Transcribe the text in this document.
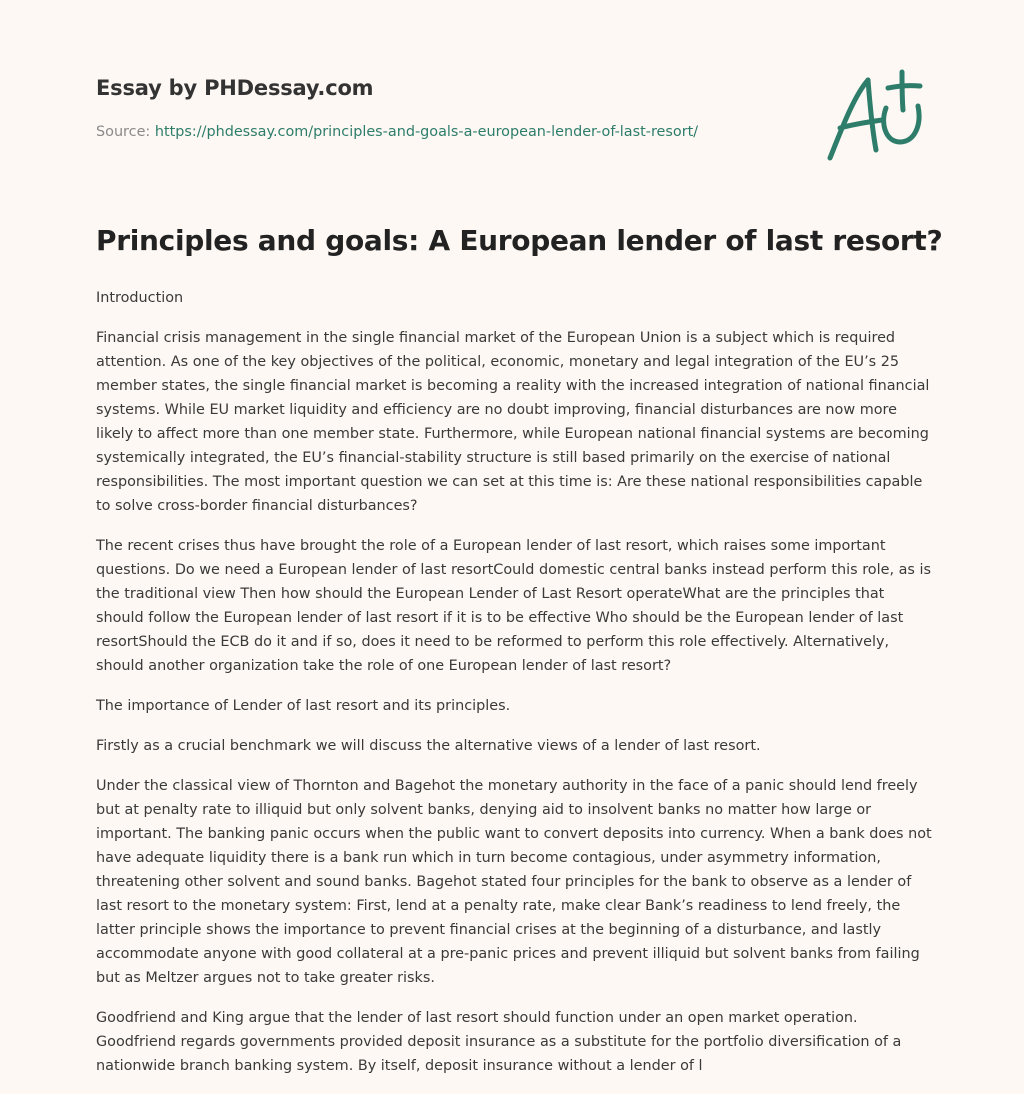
Essay by PHDessay.com
Source: https://phdessay.com/principles-and-goals-a-european-lender-of-last-resort/
Principles and goals: A European lender of last resort?

Introduction

Financial crisis management in the single financial market of the European Union is a subject which is required attention. As one of the key objectives of the political, economic, monetary and legal integration of the EU’s 25 member states, the single financial market is becoming a reality with the increased integration of national financial systems. While EU market liquidity and efficiency are no doubt improving, financial disturbances are now more likely to affect more than one member state. Furthermore, while European national financial systems are becoming systemically integrated, the EU’s financial-stability structure is still based primarily on the exercise of national responsibilities. The most important question we can set at this time is: Are these national responsibilities capable to solve cross-border financial disturbances?

The recent crises thus have brought the role of a European lender of last resort, which raises some important questions. Do we need a European lender of last resortCould domestic central banks instead perform this role, as is the traditional view Then how should the European Lender of Last Resort operateWhat are the principles that should follow the European lender of last resort if it is to be effective Who should be the European lender of last resortShould the ECB do it and if so, does it need to be reformed to perform this role effectively. Alternatively, should another organization take the role of one European lender of last resort?

The importance of Lender of last resort and its principles.

Firstly as a crucial benchmark we will discuss the alternative views of a lender of last resort.

Under the classical view of Thornton and Bagehot the monetary authority in the face of a panic should lend freely but at penalty rate to illiquid but only solvent banks, denying aid to insolvent banks no matter how large or important. The banking panic occurs when the public want to convert deposits into currency. When a bank does not have adequate liquidity there is a bank run which in turn become contagious, under asymmetry information, threatening other solvent and sound banks. Bagehot stated four principles for the bank to observe as a lender of last resort to the monetary system: First, lend at a penalty rate, make clear Bank’s readiness to lend freely, the latter principle shows the importance to prevent financial crises at the beginning of a disturbance, and lastly accommodate anyone with good collateral at a pre-panic prices and prevent illiquid but solvent banks from failing but as Meltzer argues not to take greater risks.

Goodfriend and King argue that the lender of last resort should function under an open market operation. Goodfriend regards governments provided deposit insurance as a substitute for the portfolio diversification of a nationwide branch banking system. By itself, deposit insurance without a lender of l
